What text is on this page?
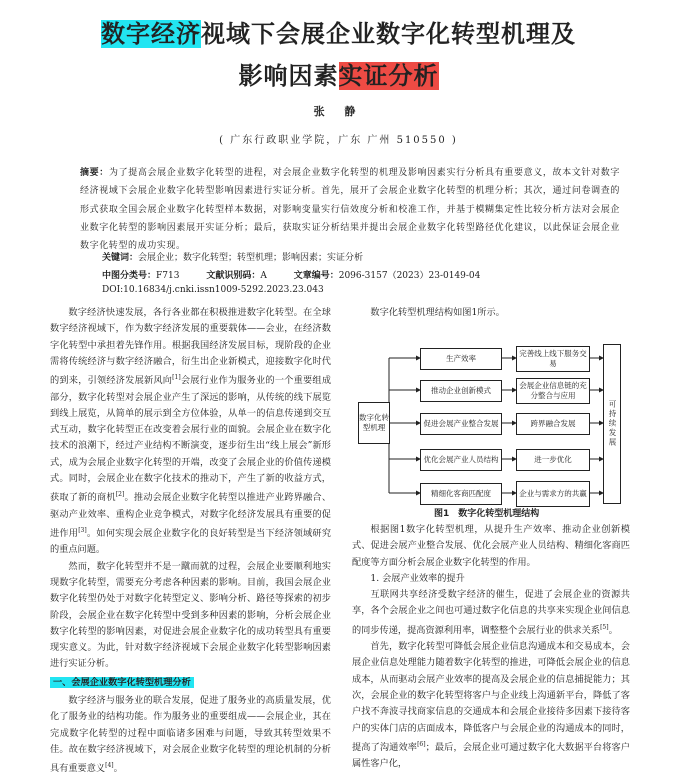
数字经济视域下会展企业数字化转型机理及
影响因素实证分析
张 静
( 广东行政职业学院，广东 广州 510550 )
摘要：为了提高会展企业数字化转型的进程，对会展企业数字化转型的机理及影响因素实行分析具有重要意义，故本文针对数字经济视域下会展企业数字化转型影响因素进行实证分析。首先，展开了会展企业数字化转型的机理分析；其次，通过问卷调查的形式获取全国会展企业数字化转型样本数据，对影响变量实行信效度分析和校准工作，并基于模糊集定性比较分析方法对会展企业数字化转型的影响因素展开实证分析；最后，获取实证分析结果并提出会展企业数字化转型路径优化建议，以此保证会展企业数字化转型的成功实现。
关键词：会展企业；数字化转型；转型机理；影响因素；实证分析
中图分类号：F713	文献识别码：A	文章编号：2096-3157（2023）23-0149-04
DOI:10.16834/j.cnki.issn1009-5292.2023.23.043

数字经济快速发展，各行各业都在积极推进数字化转型。在全球数字经济视域下，作为数字经济发展的重要载体——会业，在经济数字化转型中承担着先锋作用。根据我国经济发展目标，现阶段的企业需将传统经济与数字经济融合，衍生出企业新模式，迎接数字化时代的到来，引领经济发展新风向[1]会展行业作为服务业的一个重要组成部分，数字化转型对会展企业产生了深远的影响，从传统的线下展览到线上展览，从简单的展示到全方位体验，从单一的信息传递到交互式互动，数字化转型正在改变着会展行业的面貌。会展企业在数字化技术的浪潮下，经过产业结构不断演变，逐步衍生出“线上展会”新形式，成为会展企业数字化转型的开端，改变了会展企业的价值传递模式。同时，会展企业在数字化技术的推动下，产生了新的收益方式，获取了新的商机[2]。推动会展企业数字化转型以推进产业跨界融合、驱动产业效率、重构企业竞争模式，对数字化经济发展具有重要的促进作用[3]。如何实现会展企业数字化的良好转型是当下经济领域研究的重点问题。

然而，数字化转型并不是一蹴而就的过程，会展企业要顺利地实现数字化转型，需要充分考虑各种因素的影响。目前，我国会展企业数字化转型仍处于对数字化转型定义、影响分析、路径等探索的初步阶段，会展企业在数字化转型中受到多种因素的影响，分析会展企业数字化转型的影响因素，对促进会展企业数字化的成功转型具有重要现实意义。为此，针对数字经济视域下会展企业数字化转型影响因素进行实证分析。

一、会展企业数字化转型机理分析

数字经济与服务业的联合发展，促进了服务业的高质量发展，优化了服务业的结构功能。作为服务业的重要组成——会展企业，其在完成数字化转型的过程中面临诸多困难与问题，导致其转型效果不佳。故在数字经济视域下，对会展企业数字化转型的理论机制的分析具有重要意义[4]。

数字化转型机理结构如图1所示。

数字化转型机理
生产效率
推动企业创新模式
促进会展产业整合发展
优化会展产业人员结构
精细化客商匹配度
完善线上线下服务交易
会展企业信息链的充分整合与应用
跨界融合发展
进一步优化
企业与需求方的共赢
可持续发展
图1　数字化转型机理结构

根据图1数字化转型机理，从提升生产效率、推动企业创新模式、促进会展产业整合发展、优化会展产业人员结构、精细化客商匹配度等方面分析会展企业数字化转型的作用。

1. 会展产业效率的提升

互联网共享经济受数字经济的催生，促进了会展企业的资源共享，各个会展企业之间也可通过数字化信息的共享来实现企业间信息的同步传递，提高资源利用率，调整整个会展行业的供求关系[5]。

首先，数字化转型可降低会展企业信息沟通成本和交易成本，会展企业信息处理能力随着数字化转型的推进，可降低会展企业的信息成本，从而驱动会展产业效率的提高及会展企业的信息捕捉能力；其次，会展企业的数字化转型将客户与企业线上沟通新平台，降低了客户找不奔波寻找商家信息的交通成本和会展企业接待多因素下接待客户的实体门店的店面成本，降低客户与会展企业的沟通成本的同时，提高了沟通效率[6]；最后，会展企业可通过数字化大数据平台将客户属性客户化，
